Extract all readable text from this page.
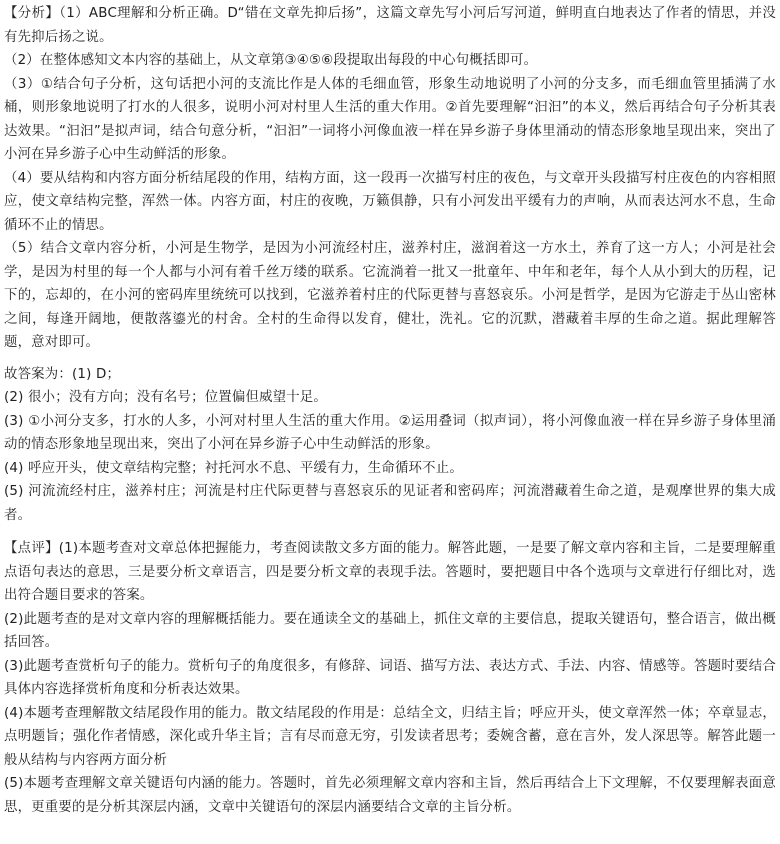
【分析】（1）ABC理解和分析正确。D“错在文章先抑后扬”，这篇文章先写小河后写河道，鲜明直白地表达了作者的情思，并没有先抑后扬之说。

（2）在整体感知文本内容的基础上，从文章第③④⑤⑥段提取出每段的中心句概括即可。

（3）①结合句子分析，这句话把小河的支流比作是人体的毛细血管，形象生动地说明了小河的分支多，而毛细血管里插满了水桶，则形象地说明了打水的人很多，说明小河对村里人生活的重大作用。②首先要理解“汩汩”的本义，然后再结合句子分析其表达效果。“汩汩”是拟声词，结合句意分析，“汩汩”一词将小河像血液一样在异乡游子身体里涌动的情态形象地呈现出来，突出了小河在异乡游子心中生动鲜活的形象。

（4）要从结构和内容方面分析结尾段的作用，结构方面，这一段再一次描写村庄的夜色，与文章开头段描写村庄夜色的内容相照应，使文章结构完整，浑然一体。内容方面，村庄的夜晚，万籁俱静，只有小河发出平缓有力的声响，从而表达河水不息，生命循环不止的情思。

（5）结合文章内容分析，小河是生物学，是因为小河流经村庄，滋养村庄，滋润着这一方水土，养育了这一方人；小河是社会学，是因为村里的每一个人都与小河有着千丝万缕的联系。它流淌着一批又一批童年、中年和老年，每个人从小到大的历程，记下的，忘却的，在小河的密码库里统统可以找到，它滋养着村庄的代际更替与喜怒哀乐。小河是哲学，是因为它游走于丛山密林之间，每逢开阔地，便散落鎏光的村舍。全村的生命得以发育，健壮，洗礼。它的沉默，潜藏着丰厚的生命之道。据此理解答题，意对即可。

故答案为：(1) D；

(2) 很小；没有方向；没有名号；位置偏但威望十足。

(3) ①小河分支多，打水的人多，小河对村里人生活的重大作用。②运用叠词（拟声词），将小河像血液一样在异乡游子身体里涌动的情态形象地呈现出来，突出了小河在异乡游子心中生动鲜活的形象。

(4) 呼应开头，使文章结构完整；衬托河水不息、平缓有力，生命循环不止。

(5) 河流流经村庄，滋养村庄；河流是村庄代际更替与喜怒哀乐的见证者和密码库；河流潜藏着生命之道，是观摩世界的集大成者。

【点评】(1)本题考查对文章总体把握能力，考查阅读散文多方面的能力。解答此题，一是要了解文章内容和主旨，二是要理解重点语句表达的意思，三是要分析文章语言，四是要分析文章的表现手法。答题时，要把题目中各个选项与文章进行仔细比对，选出符合题目要求的答案。

(2)此题考查的是对文章内容的理解概括能力。要在通读全文的基础上，抓住文章的主要信息，提取关键语句，整合语言，做出概括回答。

(3)此题考查赏析句子的能力。赏析句子的角度很多，有修辞、词语、描写方法、表达方式、手法、内容、情感等。答题时要结合具体内容选择赏析角度和分析表达效果。

(4)本题考查理解散文结尾段作用的能力。散文结尾段的作用是：总结全文，归结主旨；呼应开头，使文章浑然一体；卒章显志，点明题旨；强化作者情感，深化或升华主旨；言有尽而意无穷，引发读者思考；委婉含蓄，意在言外，发人深思等。解答此题一般从结构与内容两方面分析

(5)本题考查理解文章关键语句内涵的能力。答题时，首先必须理解文章内容和主旨，然后再结合上下文理解，不仅要理解表面意思，更重要的是分析其深层内涵，文章中关键语句的深层内涵要结合文章的主旨分析。
